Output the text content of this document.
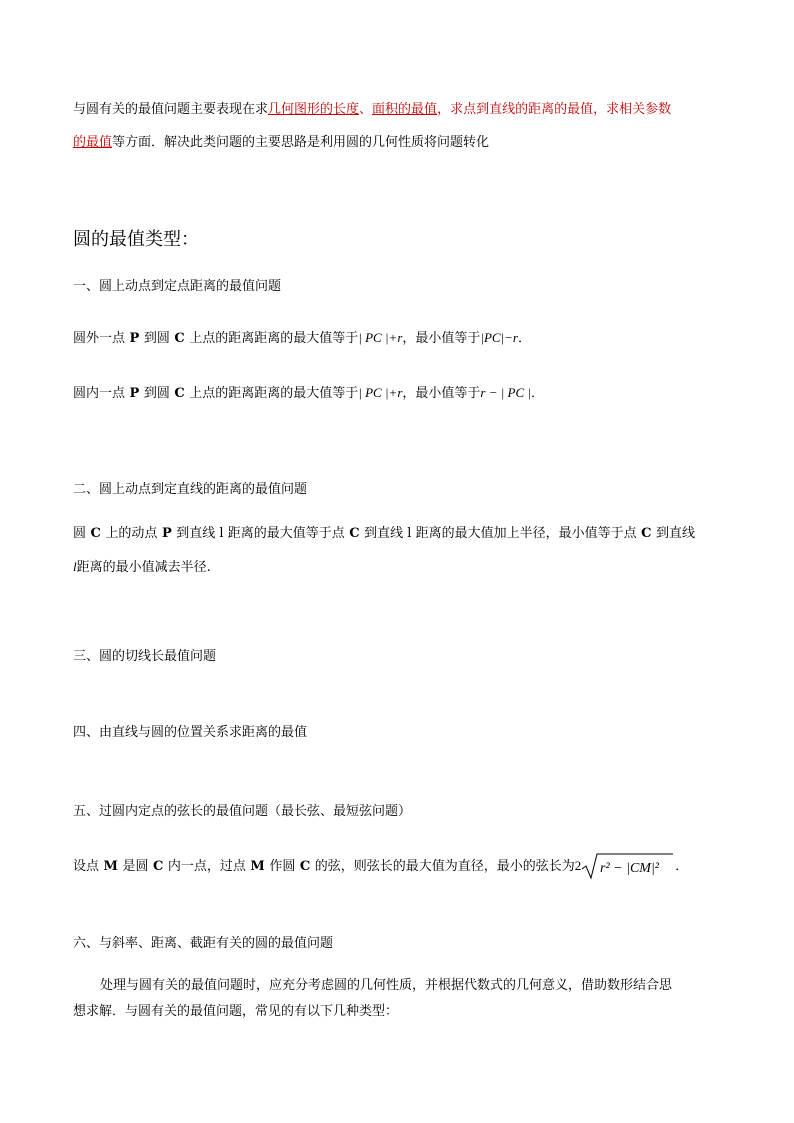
与圆有关的最值问题主要表现在求几何图形的长度、面积的最值，求点到直线的距离的最值，求相关参数
的最值等方面．解决此类问题的主要思路是利用圆的几何性质将问题转化
圆的最值类型：
一、圆上动点到定点距离的最值问题
圆外一点 P 到圆 C 上点的距离距离的最大值等于| PC |+r，最小值等于|PC|−r．
圆内一点 P 到圆 C 上点的距离距离的最大值等于| PC |+r，最小值等于r − | PC |．
二、圆上动点到定直线的距离的最值问题
圆 C 上的动点 P 到直线 l 距离的最大值等于点 C 到直线 l 距离的最大值加上半径，最小值等于点 C 到直线
l距离的最小值减去半径.
三、圆的切线长最值问题
四、由直线与圆的位置关系求距离的最值
五、过圆内定点的弦长的最值问题（最长弦、最短弦问题）
设点 M 是圆 C 内一点，过点 M 作圆 C 的弦，则弦长的最大值为直径，最小的弦长为2 r² − |CM|² ．
六、与斜率、距离、截距有关的圆的最值问题
处理与圆有关的最值问题时，应充分考虑圆的几何性质，并根据代数式的几何意义，借助数形结合思
想求解．与圆有关的最值问题，常见的有以下几种类型：
